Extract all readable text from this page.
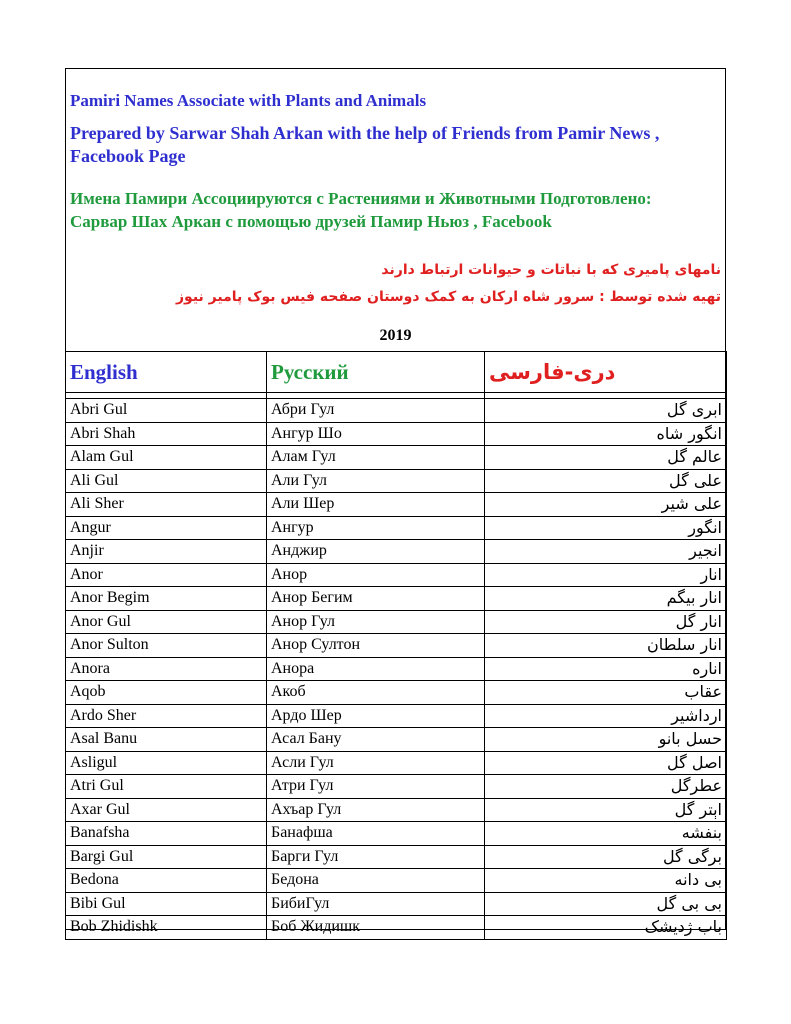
Pamiri Names Associate with Plants and Animals
Prepared by Sarwar Shah Arkan with the help of Friends from Pamir News , Facebook Page
Имена Памири Ассоциируются с Растениями и Животными Подготовлено: Сарвар Шах Аркан с помощью друзей Памир Ньюз , Facebook
نامهای پامیری که با نباتات و حیوانات ارتباط دارند
تهیه شده توسط : سرور شاه ارکان به کمک دوستان صفحه فیس بوک پامیر نیوز
2019
English	Русский	دری-فارسی

Abri Gul	Абри Гул	ابری گل
Abri Shah	Ангур Шо	انگور شاه
Alam Gul	Алам Гул	عالم گل
Ali Gul	Али Гул	علی گل
Ali Sher	Али Шер	علی شیر
Angur	Ангур	انگور
Anjir	Анджир	انجیر
Anor	Анор	انار
Anor Begim	Анор Бегим	انار بیگم
Anor Gul	Анор Гул	انار گل
Anor Sulton	Анор Султон	انار سلطان
Anora	Анора	اناره
Aqob	Акоб	عقاب
Ardo Sher	Ардо Шер	ارداشیر
Asal Banu	Асал Бану	حسل بانو
Asligul	Асли Гул	اصل گل
Atri Gul	Атри Гул	عطرگل
Axar Gul	Ахъар Гул	اېتر گل
Banafsha	Банафша	بنفشه
Bargi Gul	Барги Гул	برگی گل
Bedona	Бедона	بی دانه
Bibi Gul	БибиГул	بی بی گل
Bob Zhidishk	Боб Жидишк	باب ژدیشک
